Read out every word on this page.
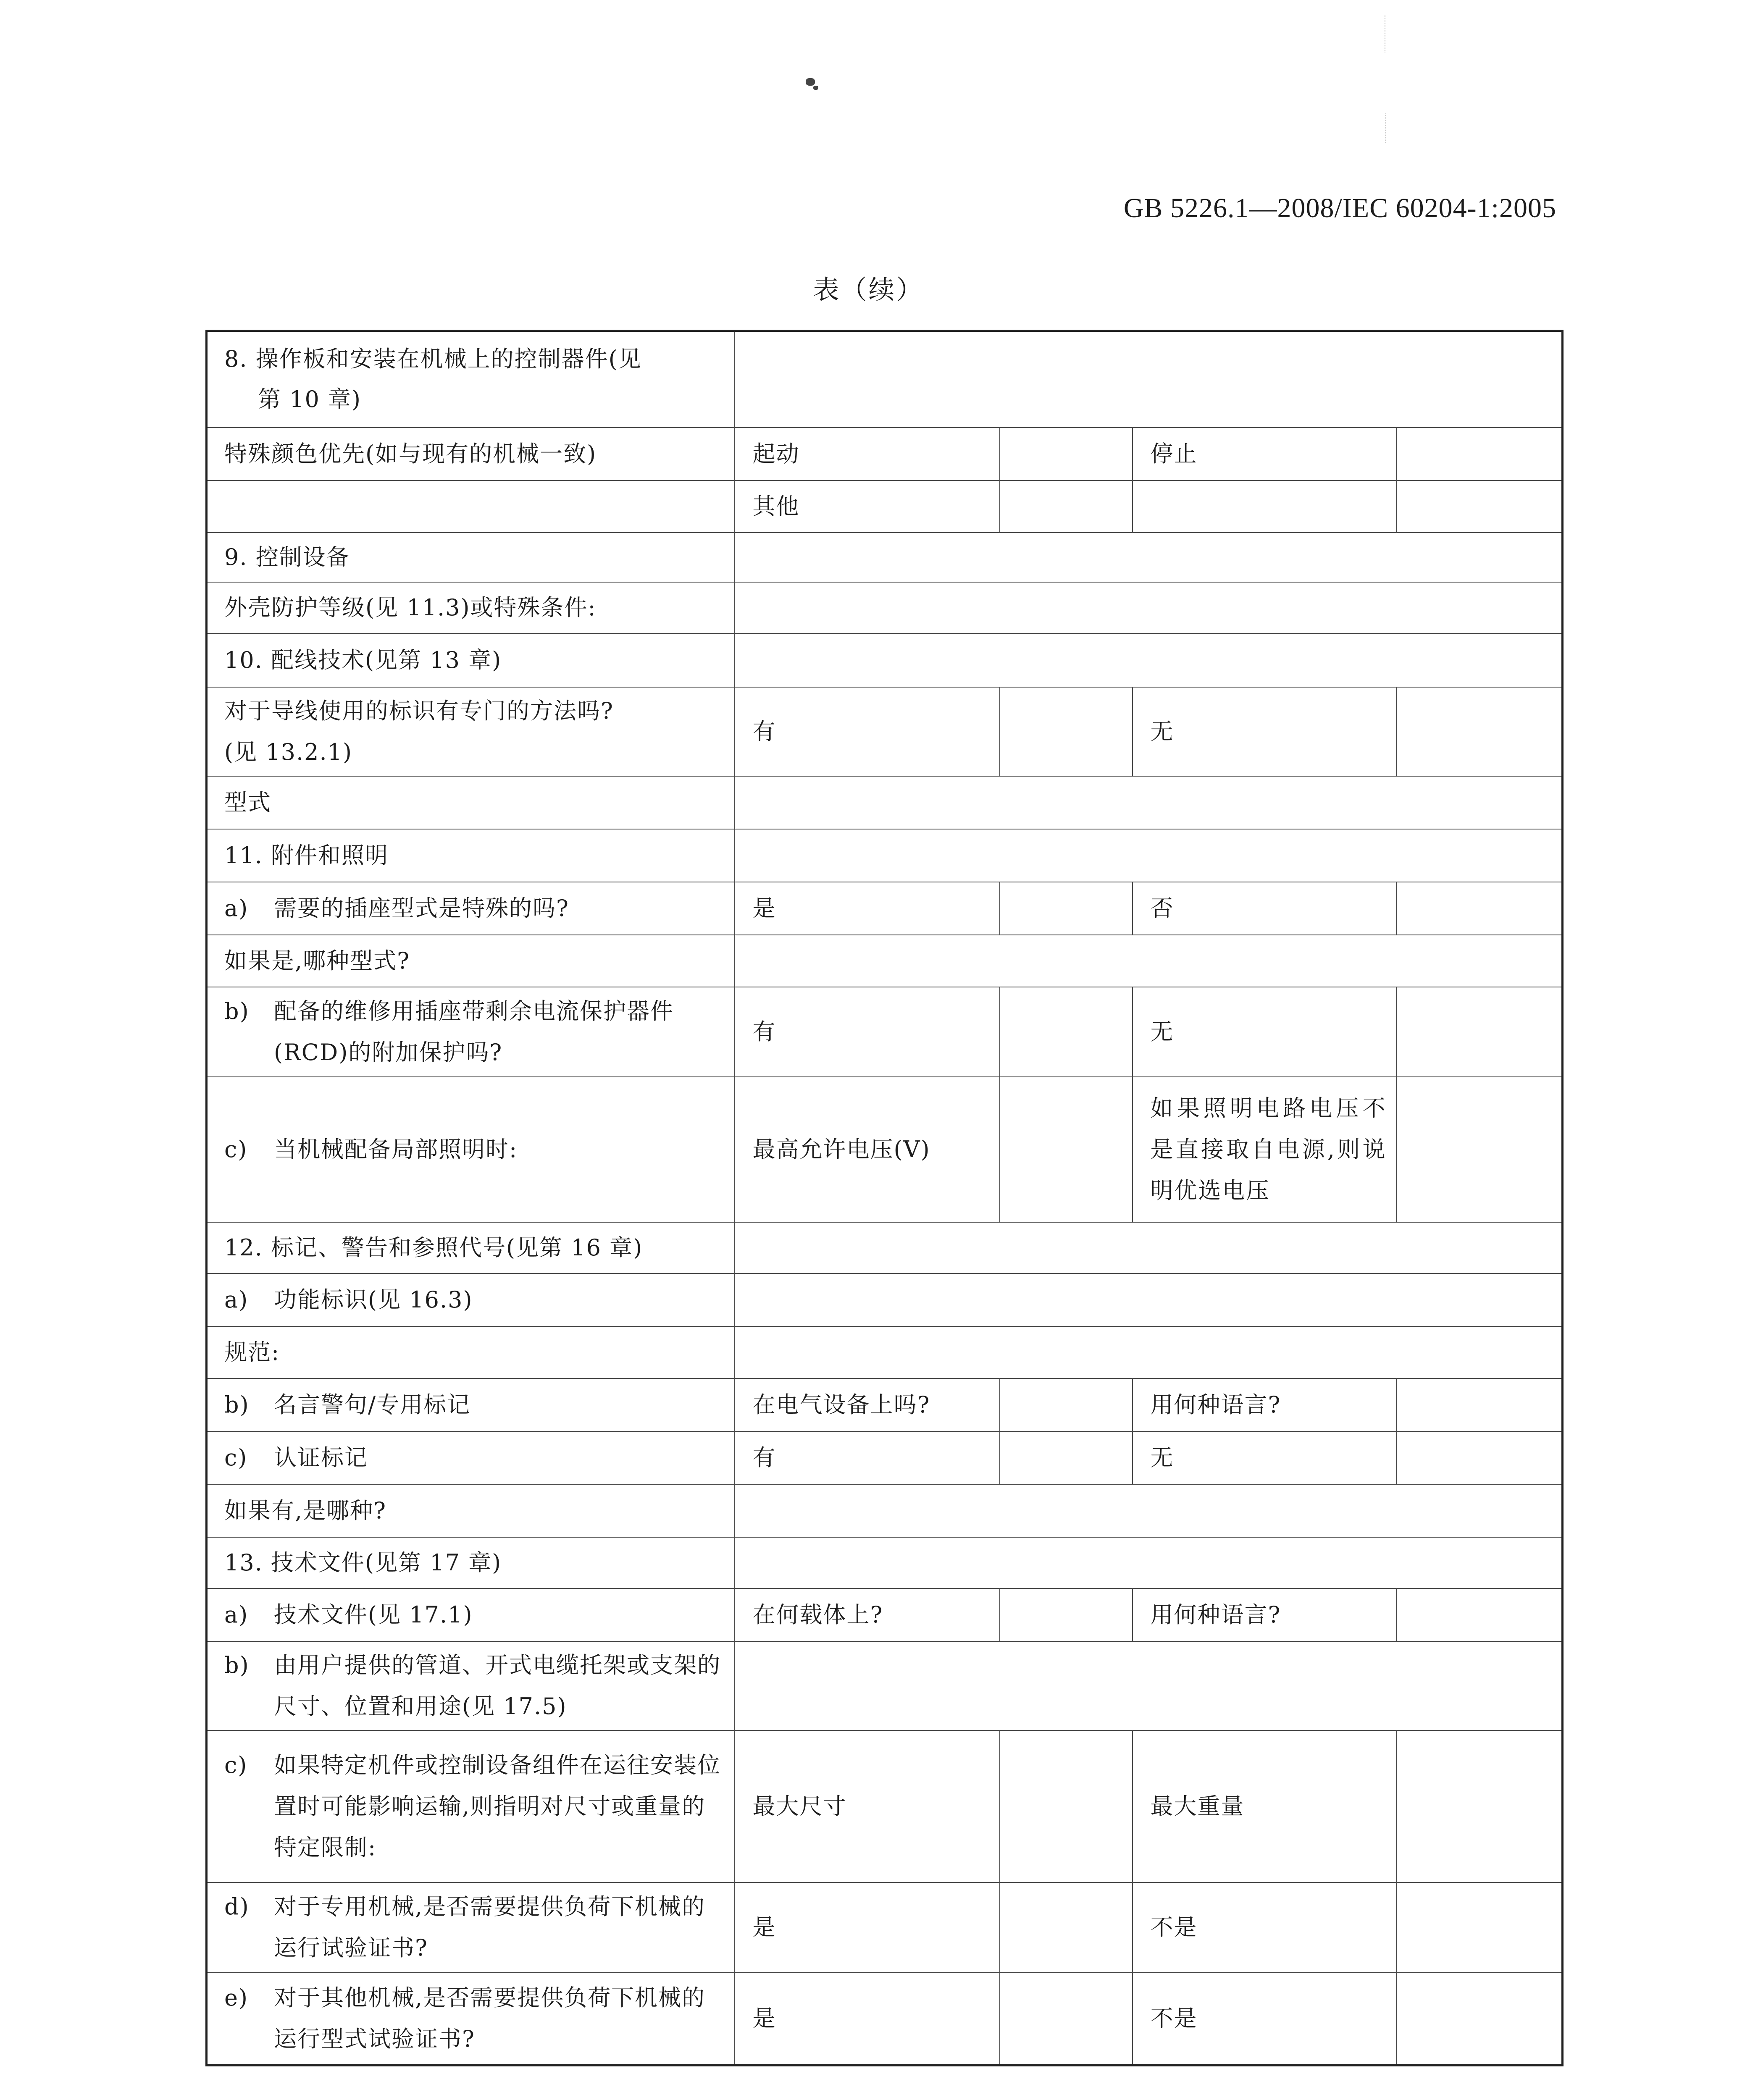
GB 5226.1—2008/IEC 60204-1:2005
表（续）
8. 操作板和安装在机械上的控制器件(见

第 10 章)				

特殊颜色优先(如与现有的机械一致)	起动		停止	
	其他			
9. 控制设备				
外壳防护等级(见 11.3)或特殊条件:				
10. 配线技术(见第 13 章)				
对于导线使用的标识有专门的方法吗?
(见 13.2.1)	有		无	
型式				
11. 附件和照明				

a) 需要的插座型式是特殊的吗?	是		否	
如果是,哪种型式?				

b) 配备的维修用插座带剩余电流保护器件(RCD)的附加保护吗?	有		无	

c) 当机械配备局部照明时:	最高允许电压(V)		如果照明电路电压不是直接取自电源,则说明优选电压	
12. 标记、警告和参照代号(见第 16 章)				

a) 功能标识(见 16.3)				

规范:				

b) 名言警句/专用标记	在电气设备上吗?		用何种语言?	

c) 认证标记	有		无	
如果有,是哪种?				
13. 技术文件(见第 17 章)				

a) 技术文件(见 17.1)	在何载体上?		用何种语言?	

b) 由用户提供的管道、开式电缆托架或支架的尺寸、位置和用途(见 17.5)				

c) 如果特定机件或控制设备组件在运往安装位置时可能影响运输,则指明对尺寸或重量的特定限制:	最大尺寸		最大重量	

d) 对于专用机械,是否需要提供负荷下机械的运行试验证书?	是		不是	

e) 对于其他机械,是否需要提供负荷下机械的运行型式试验证书?	是		不是	
